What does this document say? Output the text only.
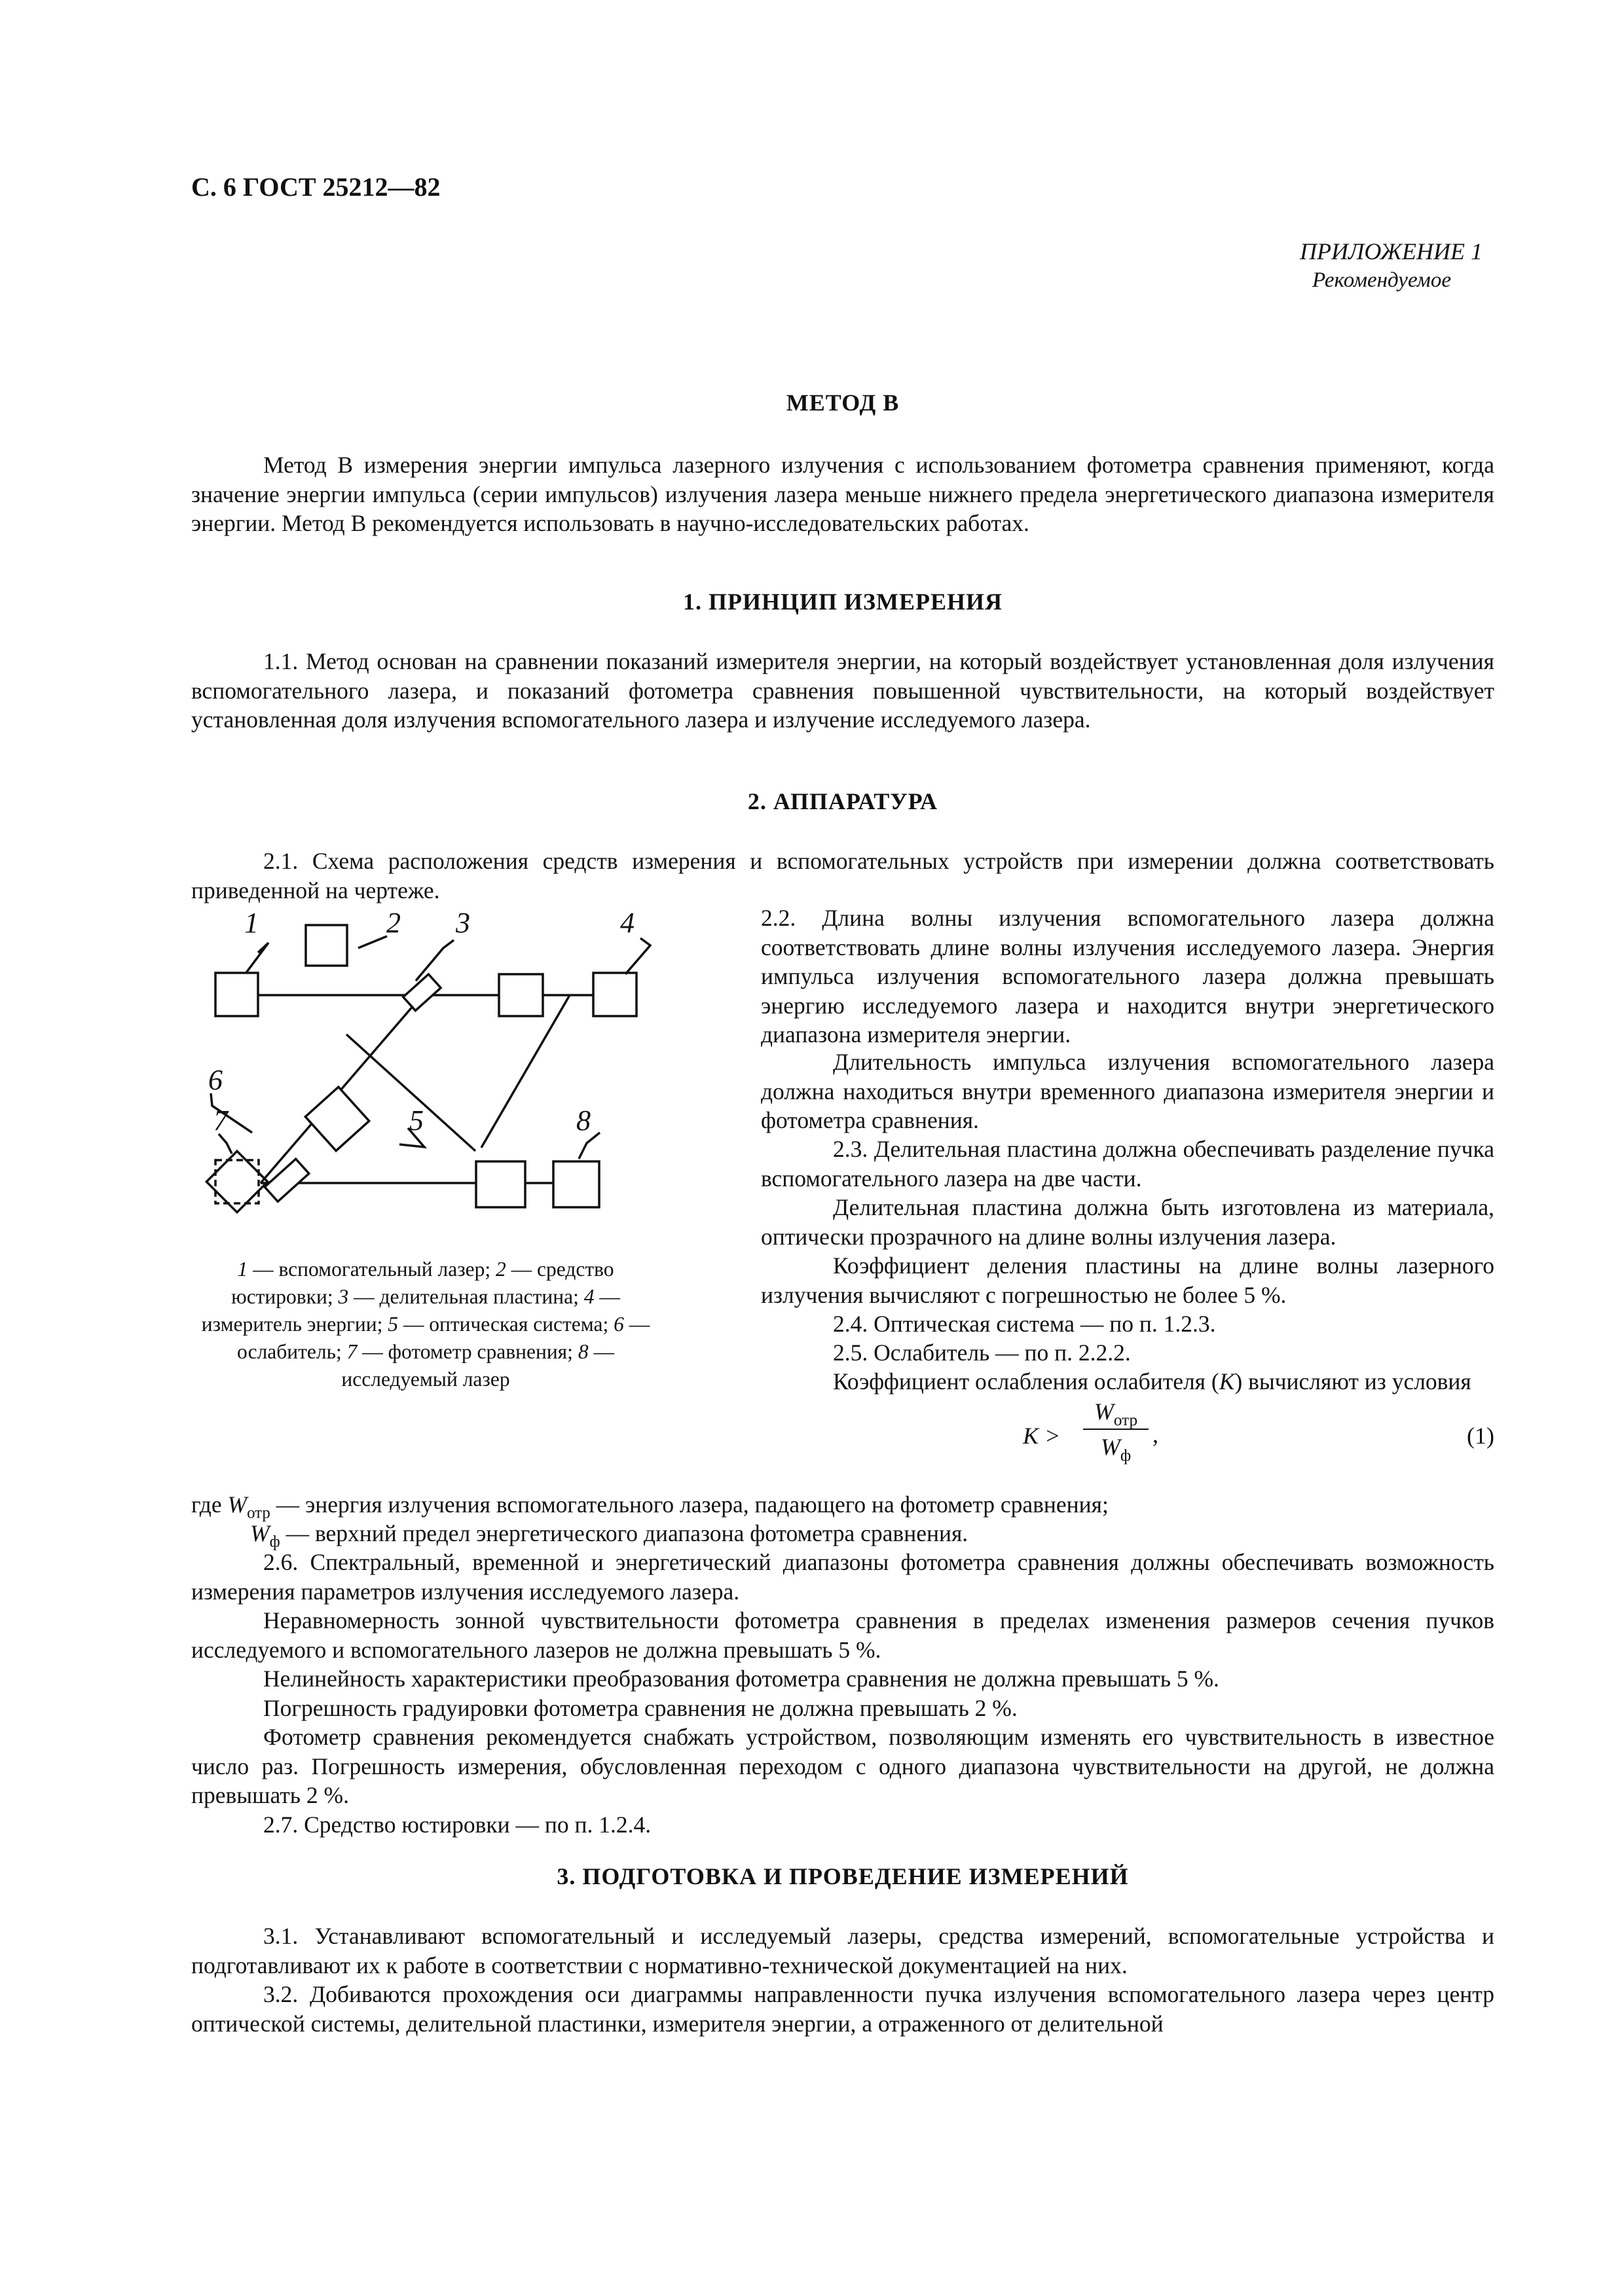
С. 6 ГОСТ 25212—82
ПРИЛОЖЕНИЕ 1
Рекомендуемое
МЕТОД В

Метод В измерения энергии импульса лазерного излучения с использованием фотометра сравнения применяют, когда значение энергии импульса (серии импульсов) излучения лазера меньше нижнего предела энергетического диапазона измерителя энергии. Метод В рекомендуется использовать в научно-исследовательских работах.

1. ПРИНЦИП ИЗМЕРЕНИЯ

1.1. Метод основан на сравнении показаний измерителя энергии, на который воздействует установленная доля излучения вспомогательного лазера, и показаний фотометра сравнения повышенной чувствительности, на который воздействует установленная доля излучения вспомогательного лазера и излучение исследуемого лазера.

2. АППАРАТУРА

2.1. Схема расположения средств измерения и вспомогательных устройств при измерении должна соответствовать приведенной на чертеже.

1	2 3	4
5
6
7	8
1 — вспомогательный лазер; 2 — средство юстировки; 3 — делительная пластина; 4 — измеритель энергии; 5 — оптическая система; 6 — ослабитель; 7 — фотометр сравнения; 8 — исследуемый лазер

2.2. Длина волны излучения вспомогательного лазера должна соответствовать длине волны излучения исследуемого лазера. Энергия импульса излучения вспомогательного лазера должна превышать энергию исследуемого лазера и находится внутри энергетического диапазона измерителя энергии.

Длительность импульса излучения вспомогательного лазера должна находиться внутри временного диапазона измерителя энергии и фотометра сравнения.

2.3. Делительная пластина должна обеспечивать разделение пучка вспомогательного лазера на две части.

Делительная пластина должна быть изготовлена из материала, оптически прозрачного на длине волны излучения лазера.

Коэффициент деления пластины на длине волны лазерного излучения вычисляют с погрешностью не более 5 %.

2.4. Оптическая система — по п. 1.2.3.

2.5. Ослабитель — по п. 2.2.2.

Коэффициент ослабления ослабителя (K) вычисляют из условия

K >
$W_{отр}$
$W_ф$
,	(1)

где $W_{отр}$ — энергия излучения вспомогательного лазера, падающего на фотометр сравнения;

$W_ф$ — верхний предел энергетического диапазона фотометра сравнения.

2.6. Спектральный, временной и энергетический диапазоны фотометра сравнения должны обеспечивать возможность измерения параметров излучения исследуемого лазера.

Неравномерность зонной чувствительности фотометра сравнения в пределах изменения размеров сечения пучков исследуемого и вспомогательного лазеров не должна превышать 5 %.

Нелинейность характеристики преобразования фотометра сравнения не должна превышать 5 %.

Погрешность градуировки фотометра сравнения не должна превышать 2 %.

Фотометр сравнения рекомендуется снабжать устройством, позволяющим изменять его чувствительность в известное число раз. Погрешность измерения, обусловленная переходом с одного диапазона чувствительности на другой, не должна превышать 2 %.

2.7. Средство юстировки — по п. 1.2.4.

3. ПОДГОТОВКА И ПРОВЕДЕНИЕ ИЗМЕРЕНИЙ

3.1. Устанавливают вспомогательный и исследуемый лазеры, средства измерений, вспомогательные устройства и подготавливают их к работе в соответствии с нормативно-технической документацией на них.

3.2. Добиваются прохождения оси диаграммы направленности пучка излучения вспомогательного лазера через центр оптической системы, делительной пластинки, измерителя энергии, а отраженного от делительной
